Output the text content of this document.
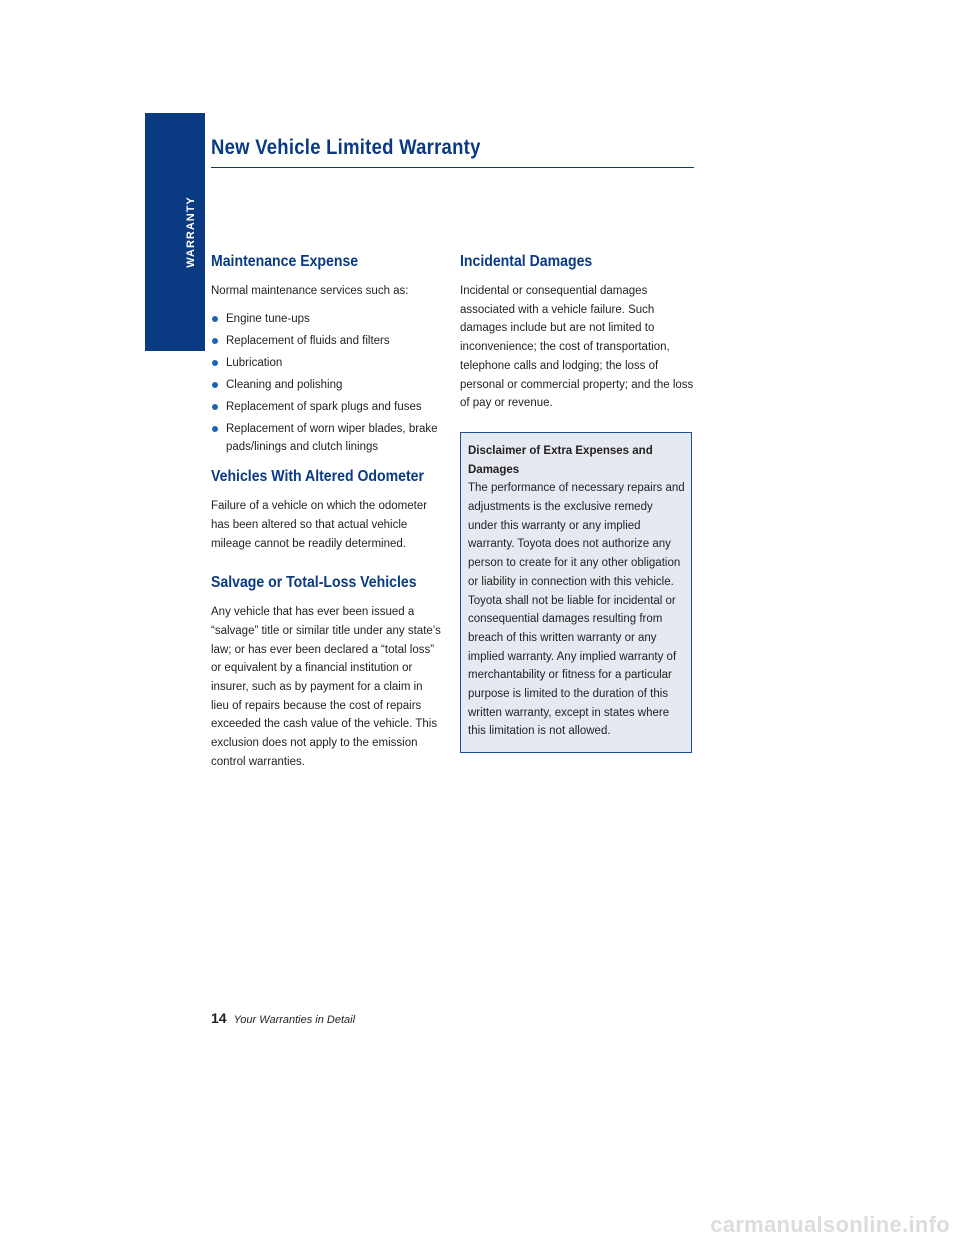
WARRANTY
New Vehicle Limited Warranty
Maintenance Expense

Normal maintenance services such as:

Engine tune-ups
Replacement of fluids and filters
Lubrication
Cleaning and polishing
Replacement of spark plugs and fuses
Replacement of worn wiper blades, brake pads/linings and clutch linings
Vehicles With Altered Odometer

Failure of a vehicle on which the odometer has been altered so that actual vehicle mileage cannot be readily determined.

Salvage or Total-Loss Vehicles

Any vehicle that has ever been issued a “salvage” title or similar title under any state’s law; or has ever been declared a “total loss” or equivalent by a financial institution or insurer, such as by payment for a claim in lieu of repairs because the cost of repairs exceeded the cash value of the vehicle. This exclusion does not apply to the emission control warranties.

Incidental Damages

Incidental or consequential damages associated with a vehicle failure. Such damages include but are not limited to inconvenience; the cost of transportation, telephone calls and lodging; the loss of personal or commercial property; and the loss of pay or revenue.

Disclaimer of Extra Expenses and Damages

The performance of necessary repairs and adjustments is the exclusive remedy under this warranty or any implied warranty. Toyota does not authorize any person to create for it any other obligation or liability in connection with this vehicle. Toyota shall not be liable for incidental or consequential damages resulting from breach of this written warranty or any implied warranty. Any implied warranty of merchantability or fitness for a particular purpose is limited to the duration of this written warranty, except in states where this limitation is not allowed.

14 Your Warranties in Detail
carmanualsonline.info
